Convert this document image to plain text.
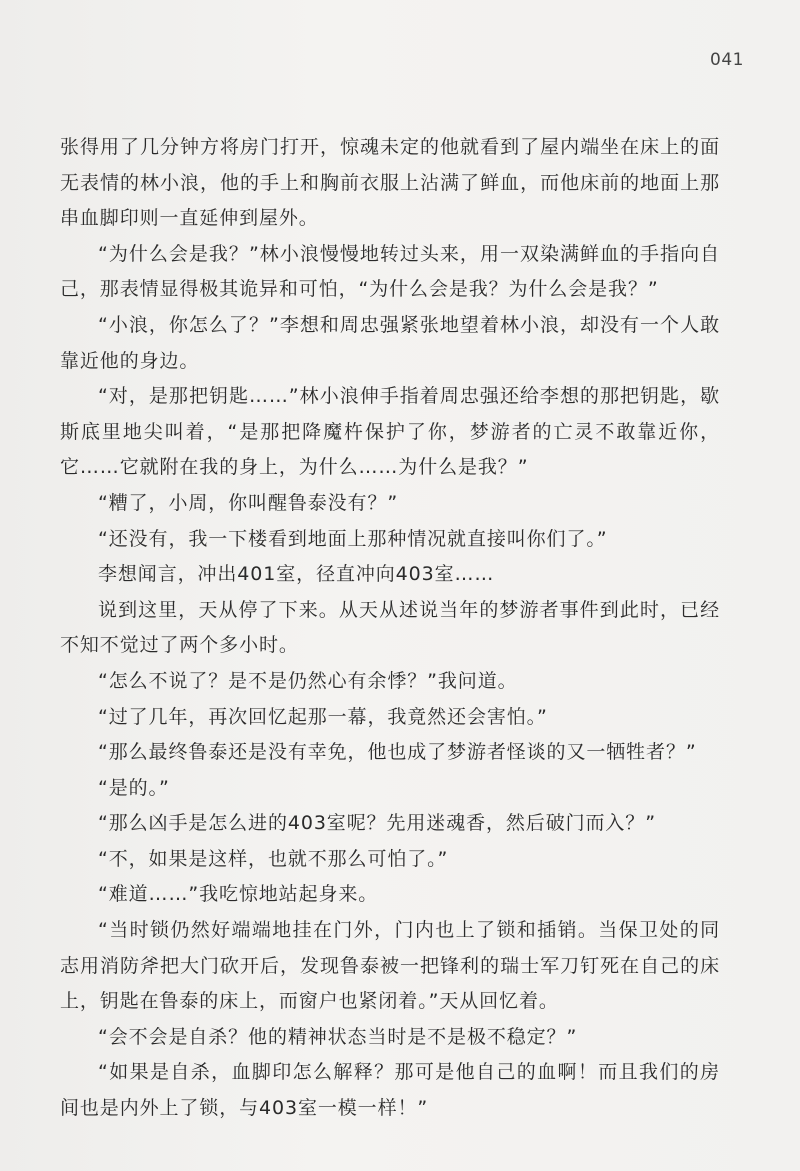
041

张得用了几分钟方将房门打开，惊魂未定的他就看到了屋内端坐在床上的面无表情的林小浪，他的手上和胸前衣服上沾满了鲜血，而他床前的地面上那串血脚印则一直延伸到屋外。

“为什么会是我？”林小浪慢慢地转过头来，用一双染满鲜血的手指向自己，那表情显得极其诡异和可怕，“为什么会是我？为什么会是我？”

“小浪，你怎么了？”李想和周忠强紧张地望着林小浪，却没有一个人敢靠近他的身边。

“对，是那把钥匙……”林小浪伸手指着周忠强还给李想的那把钥匙，歇斯底里地尖叫着，“是那把降魔杵保护了你，梦游者的亡灵不敢靠近你，它……它就附在我的身上，为什么……为什么是我？”

“糟了，小周，你叫醒鲁泰没有？”

“还没有，我一下楼看到地面上那种情况就直接叫你们了。”

李想闻言，冲出401室，径直冲向403室……

说到这里，天从停了下来。从天从述说当年的梦游者事件到此时，已经不知不觉过了两个多小时。

“怎么不说了？是不是仍然心有余悸？”我问道。

“过了几年，再次回忆起那一幕，我竟然还会害怕。”

“那么最终鲁泰还是没有幸免，他也成了梦游者怪谈的又一牺牲者？”

“是的。”

“那么凶手是怎么进的403室呢？先用迷魂香，然后破门而入？”

“不，如果是这样，也就不那么可怕了。”

“难道……”我吃惊地站起身来。

“当时锁仍然好端端地挂在门外，门内也上了锁和插销。当保卫处的同志用消防斧把大门砍开后，发现鲁泰被一把锋利的瑞士军刀钉死在自己的床上，钥匙在鲁泰的床上，而窗户也紧闭着。”天从回忆着。

“会不会是自杀？他的精神状态当时是不是极不稳定？”

“如果是自杀，血脚印怎么解释？那可是他自己的血啊！而且我们的房间也是内外上了锁，与403室一模一样！”
